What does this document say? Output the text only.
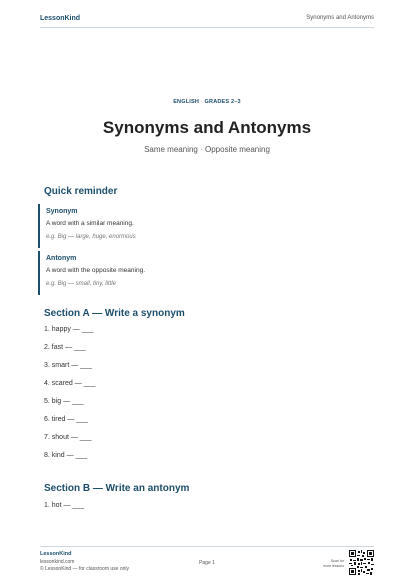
LessonKind	Synonyms and Antonyms
ENGLISH · GRADES 2–3
Synonyms and Antonyms
Same meaning · Opposite meaning
Quick reminder
Synonym
A word with a similar meaning.
e.g. Big — large, huge, enormous
Antonym
A word with the opposite meaning.
e.g. Big — small, tiny, little
Section A — Write a synonym
1. happy — ___
2. fast — ___
3. smart — ___
4. scared — ___
5. big — ___
6. tired — ___
7. shout — ___
8. kind — ___
Section B — Write an antonym
1. hot — ___
LessonKind
lessonkind.com
© LessonKind — for classroom use only
Page 1	Scan for
more lessons
